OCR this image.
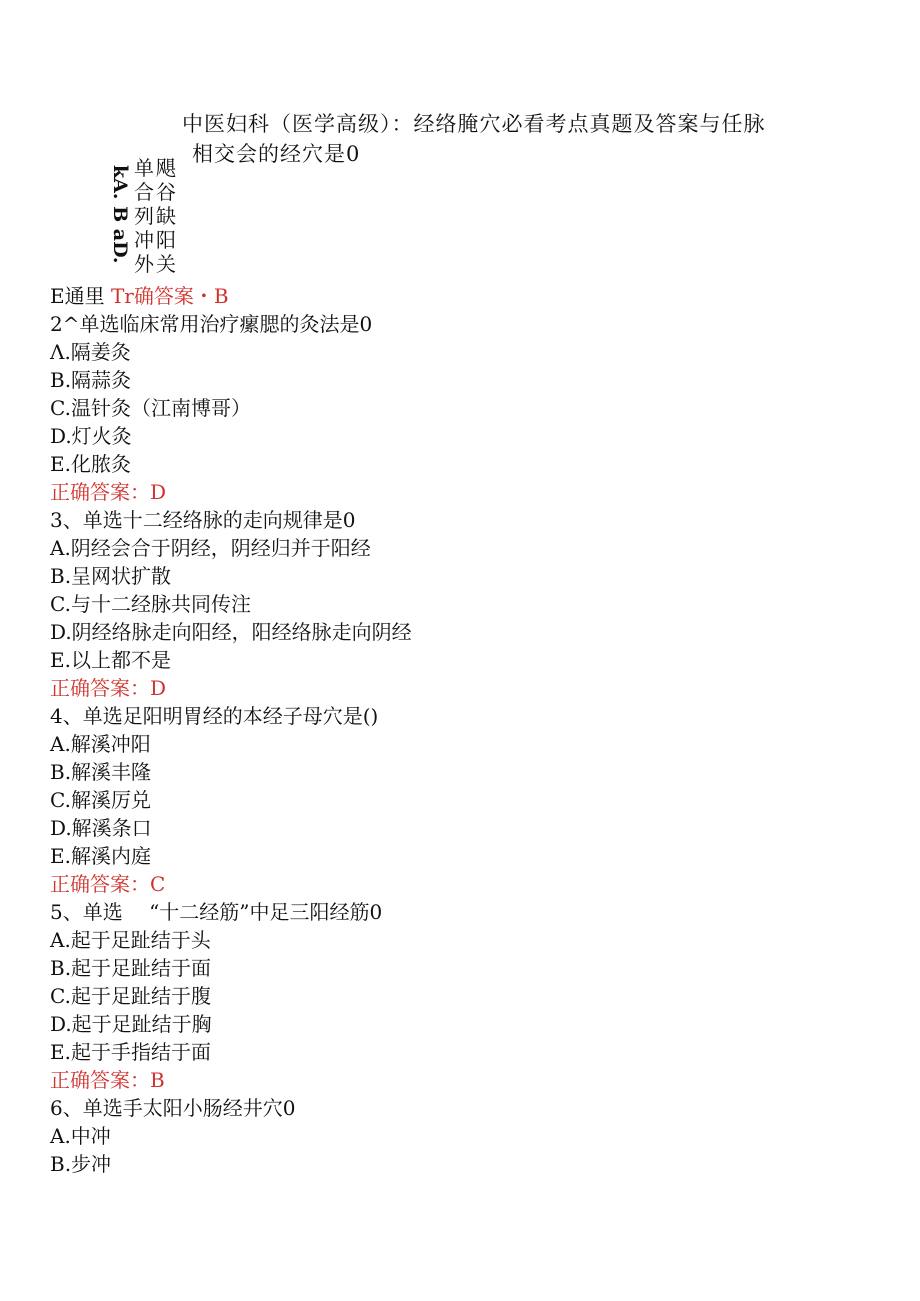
中医妇科（医学高级）：经络腌穴必看考点真题及答案与任脉
相交会的经穴是0
kA. B aD. 单
合
列
冲
外
飓
谷
缺
阳
关
E通里 Tr确答案・B
2^单选临床常用治疗瘰腮的灸法是0
Λ.隔姜灸
B.隔蒜灸
C.温针灸（江南博哥）
D.灯火灸
E.化脓灸
正确答案：D
3、单选十二经络脉的走向规律是0
A.阴经会合于阴经，阴经归并于阳经
B.呈网状扩散
C.与十二经脉共同传注
D.阴经络脉走向阳经，阳经络脉走向阴经
E.以上都不是
正确答案：D
4、单选足阳明胃经的本经子母穴是()
A.解溪冲阳
B.解溪丰隆
C.解溪厉兑
D.解溪条口
E.解溪内庭
正确答案：C
5、单选　 “十二经筋”中足三阳经筋0
A.起于足趾结于头
B.起于足趾结于面
C.起于足趾结于腹
D.起于足趾结于胸
E.起于手指结于面
正确答案：B
6、单选手太阳小肠经井穴0
A.中冲
B.步冲
